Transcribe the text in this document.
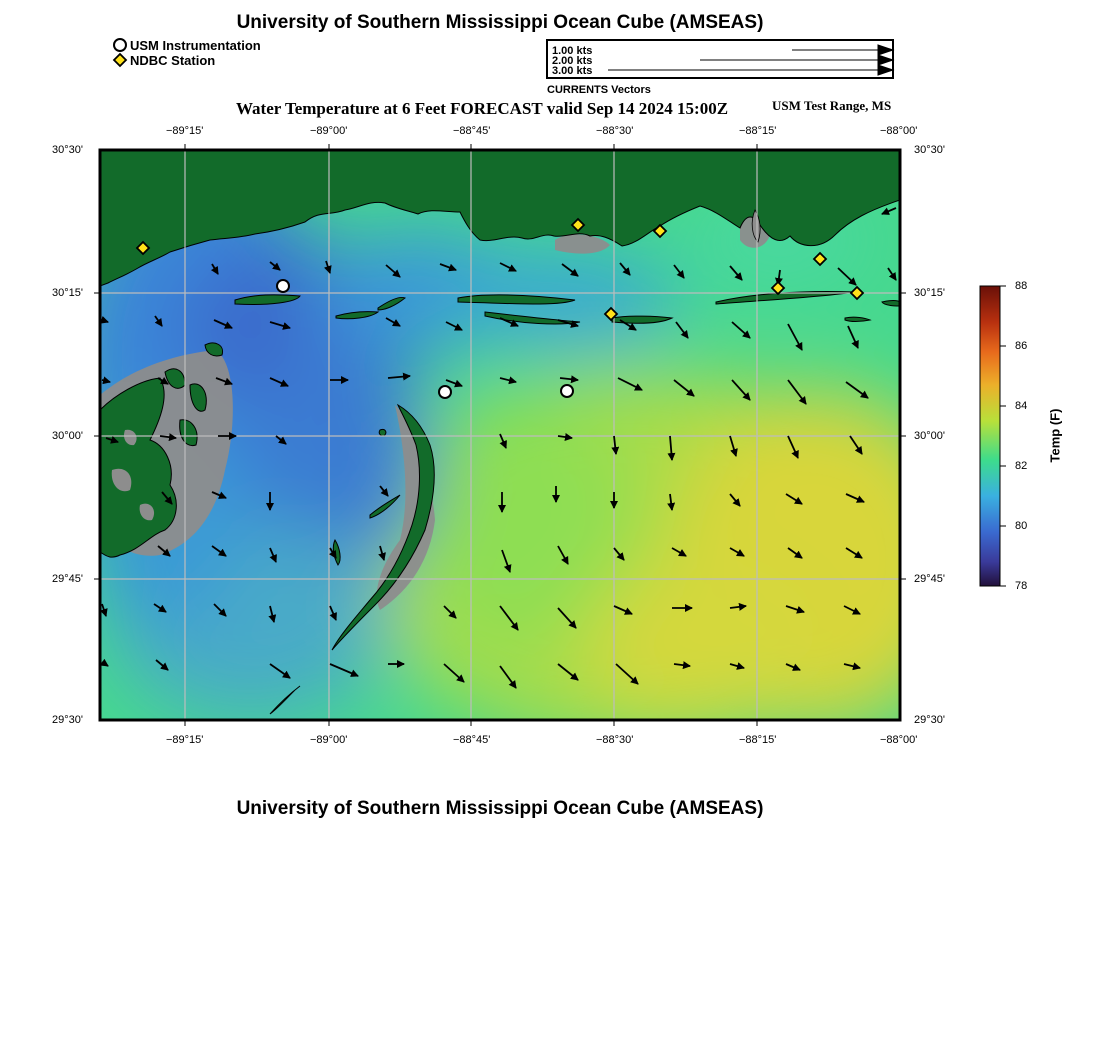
University of Southern Mississippi Ocean Cube (AMSEAS)
USM Instrumentation
NDBC Station
1.00 kts
2.00 kts
3.00 kts
CURRENTS Vectors
Water Temperature at 6 Feet FORECAST valid Sep 14 2024 15:00Z	USM Test Range, MS
−89°15'	−89°00'	−88°45'	−88°30'	−88°15'	−88°00'
−89°15'	−89°00'	−88°45'	−88°30'	−88°15'	−88°00'
30°30'
30°15'
30°00'
29°45'
29°30'
30°30'
30°15'
30°00'
29°45'
29°30'
88
86
84
82
80
78
Temp (F)
University of Southern Mississippi Ocean Cube (AMSEAS)
